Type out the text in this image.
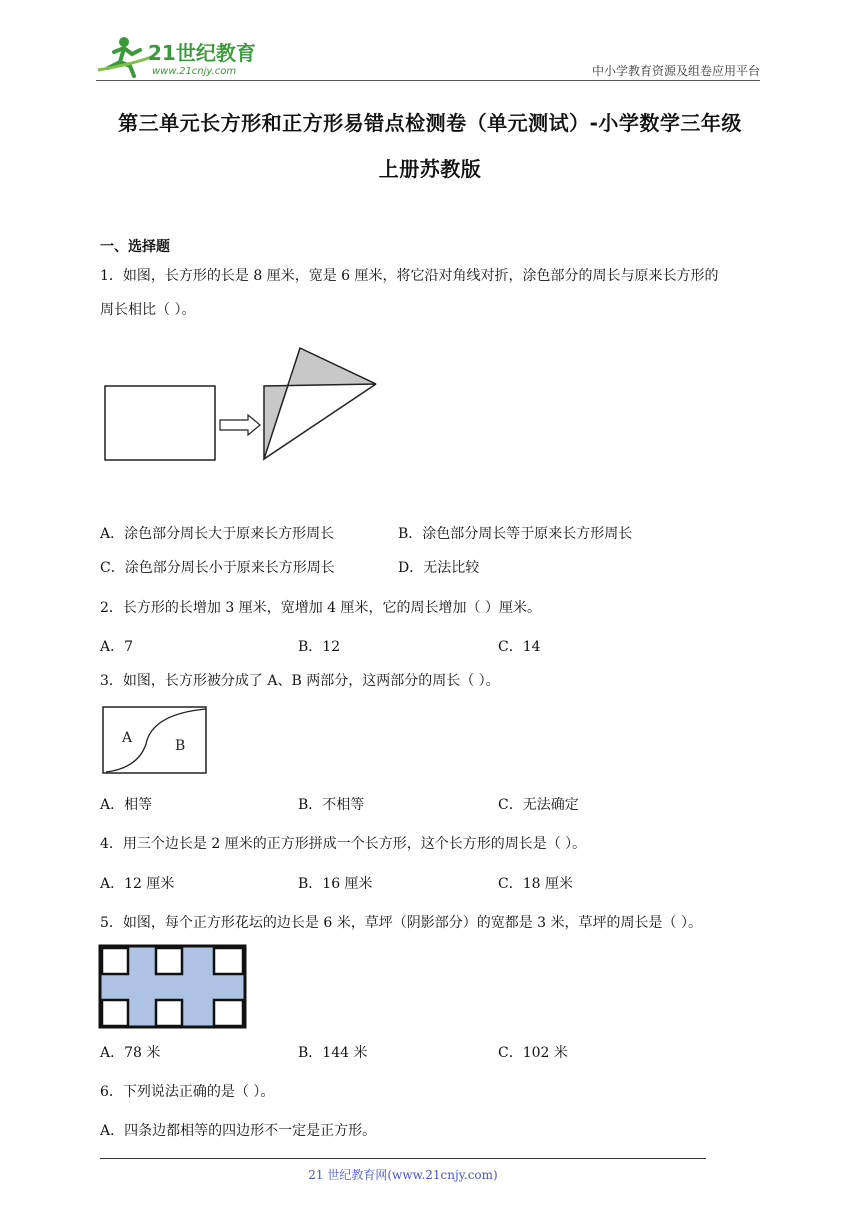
21世纪教育
www.21cnjy.com	中小学教育资源及组卷应用平台
第三单元长方形和正方形易错点检测卷（单元测试）-小学数学三年级
上册苏教版
一、选择题
1．如图，长方形的长是 8 厘米，宽是 6 厘米，将它沿对角线对折，涂色部分的周长与原来长方形的
周长相比（ ）。
A．涂色部分周长大于原来长方形周长	B．涂色部分周长等于原来长方形周长
C．涂色部分周长小于原来长方形周长	D．无法比较
2．长方形的长增加 3 厘米，宽增加 4 厘米，它的周长增加（ ）厘米。
A．7	B．12	C．14
3．如图，长方形被分成了 A、B 两部分，这两部分的周长（ ）。
A	B
A．相等	B．不相等	C．无法确定
4．用三个边长是 2 厘米的正方形拼成一个长方形，这个长方形的周长是（ ）。
A．12 厘米	B．16 厘米	C．18 厘米
5．如图，每个正方形花坛的边长是 6 米，草坪（阴影部分）的宽都是 3 米，草坪的周长是（ ）。
A．78 米	B．144 米	C．102 米
6．下列说法正确的是（ ）。
A．四条边都相等的四边形不一定是正方形。
21 世纪教育网(www.21cnjy.com)
